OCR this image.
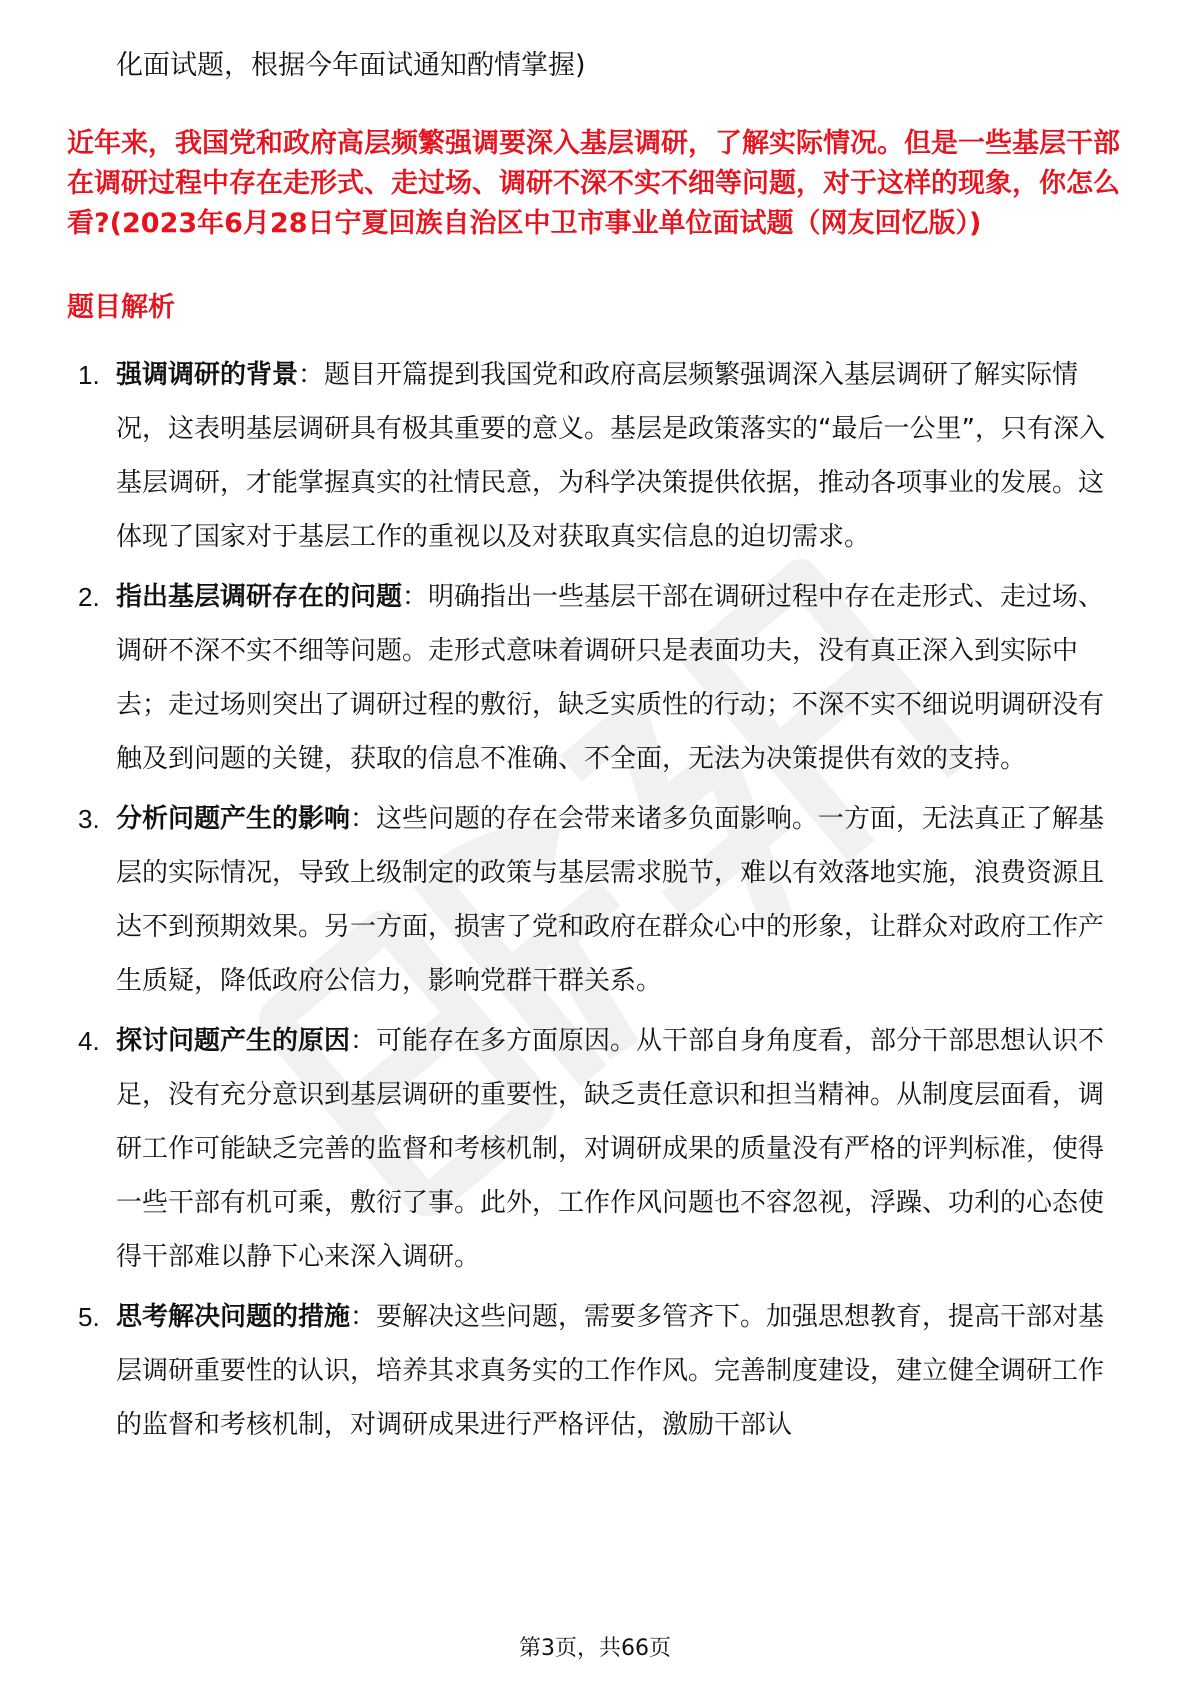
化面试题，根据今年面试通知酌情掌握)
近年来，我国党和政府高层频繁强调要深入基层调研，了解实际情况。但是一些基层干部在调研过程中存在走形式、走过场、调研不深不实不细等问题，对于这样的现象，你怎么看?(2023年6月28日宁夏回族自治区中卫市事业单位面试题（网友回忆版）)
题目解析
1. 强调调研的背景：题目开篇提到我国党和政府高层频繁强调深入基层调研了解实际情况，这表明基层调研具有极其重要的意义。基层是政策落实的“最后一公里”，只有深入基层调研，才能掌握真实的社情民意，为科学决策提供依据，推动各项事业的发展。这体现了国家对于基层工作的重视以及对获取真实信息的迫切需求。
2. 指出基层调研存在的问题：明确指出一些基层干部在调研过程中存在走形式、走过场、调研不深不实不细等问题。走形式意味着调研只是表面功夫，没有真正深入到实际中去；走过场则突出了调研过程的敷衍，缺乏实质性的行动；不深不实不细说明调研没有触及到问题的关键，获取的信息不准确、不全面，无法为决策提供有效的支持。
3. 分析问题产生的影响：这些问题的存在会带来诸多负面影响。一方面，无法真正了解基层的实际情况，导致上级制定的政策与基层需求脱节，难以有效落地实施，浪费资源且达不到预期效果。另一方面，损害了党和政府在群众心中的形象，让群众对政府工作产生质疑，降低政府公信力，影响党群干群关系。
4. 探讨问题产生的原因：可能存在多方面原因。从干部自身角度看，部分干部思想认识不足，没有充分意识到基层调研的重要性，缺乏责任意识和担当精神。从制度层面看，调研工作可能缺乏完善的监督和考核机制，对调研成果的质量没有严格的评判标准，使得一些干部有机可乘，敷衍了事。此外，工作作风问题也不容忽视，浮躁、功利的心态使得干部难以静下心来深入调研。
5. 思考解决问题的措施：要解决这些问题，需要多管齐下。加强思想教育，提高干部对基层调研重要性的认识，培养其求真务实的工作作风。完善制度建设，建立健全调研工作的监督和考核机制，对调研成果进行严格评估，激励干部认
第3页，共66页
